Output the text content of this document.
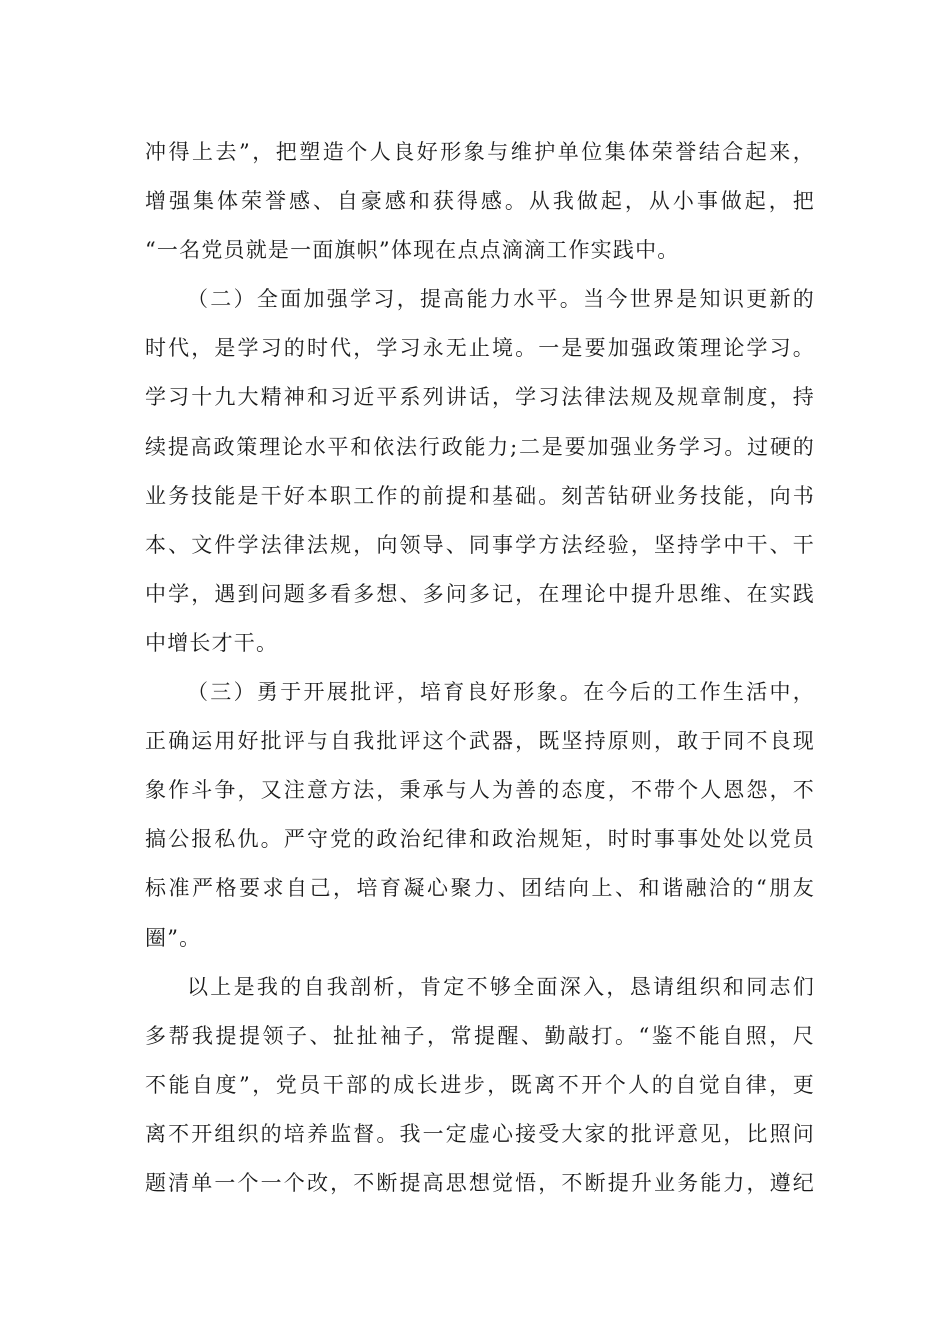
冲得上去”，把塑造个人良好形象与维护单位集体荣誉结合起来，
增强集体荣誉感、自豪感和获得感。从我做起，从小事做起，把
“一名党员就是一面旗帜”体现在点点滴滴工作实践中。
（二）全面加强学习，提高能力水平。当今世界是知识更新的
时代，是学习的时代，学习永无止境。一是要加强政策理论学习。
学习十九大精神和习近平系列讲话，学习法律法规及规章制度，持
续提高政策理论水平和依法行政能力;二是要加强业务学习。过硬的
业务技能是干好本职工作的前提和基础。刻苦钻研业务技能，向书
本、文件学法律法规，向领导、同事学方法经验，坚持学中干、干
中学，遇到问题多看多想、多问多记，在理论中提升思维、在实践
中增长才干。
（三）勇于开展批评，培育良好形象。在今后的工作生活中，
正确运用好批评与自我批评这个武器，既坚持原则，敢于同不良现
象作斗争，又注意方法，秉承与人为善的态度，不带个人恩怨，不
搞公报私仇。严守党的政治纪律和政治规矩，时时事事处处以党员
标准严格要求自己，培育凝心聚力、团结向上、和谐融洽的“朋友
圈”。
以上是我的自我剖析，肯定不够全面深入，恳请组织和同志们
多帮我提提领子、扯扯袖子，常提醒、勤敲打。“鉴不能自照，尺
不能自度”，党员干部的成长进步，既离不开个人的自觉自律，更
离不开组织的培养监督。我一定虚心接受大家的批评意见，比照问
题清单一个一个改，不断提高思想觉悟，不断提升业务能力，遵纪
